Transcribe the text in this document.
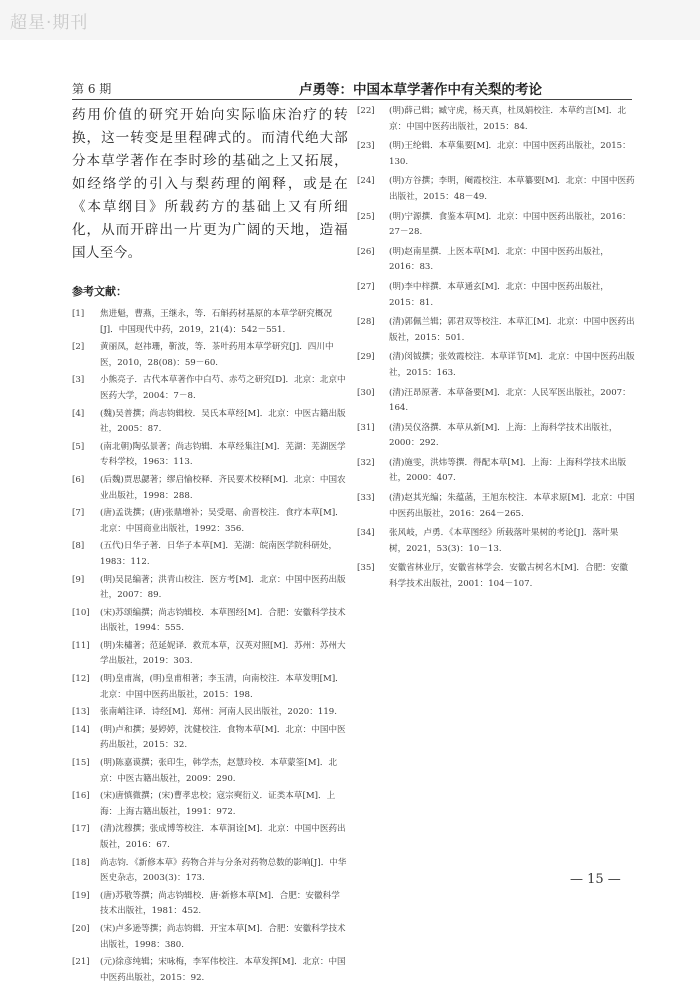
超星·期刊
第 6 期	卢勇等：中国本草学著作中有关梨的考论

药用价值的研究开始向实际临床治疗的转换，这一转变是里程碑式的。而清代绝大部分本草学著作在李时珍的基础之上又拓展，如经络学的引入与梨药理的阐释，或是在《本草纲目》所载药方的基础上又有所细化，从而开辟出一片更为广阔的天地，造福国人至今。

参考文献：
[1] 焦进魁，曹燕，王继永，等．石斛药材基原的本草学研究概况[J]．中国现代中药，2019，21(4)：542－551.
[2] 黄丽凤，赵祎珊，靳波，等．茶叶药用本草学研究[J]．四川中医，2010，28(08)：59－60.
[3] 小熊亮子．古代本草著作中白芍、赤芍之研究[D]．北京：北京中医药大学，2004：7－8.
[4] (魏)吴普撰；尚志钧辑校．吴氏本草经[M]．北京：中医古籍出版社，2005：87.
[5] (南北朝)陶弘景著；尚志钧辑．本草经集注[M]．芜湖：芜湖医学专科学校，1963：113.
[6] (后魏)贾思勰著；缪启愉校释．齐民要术校释[M]．北京：中国农业出版社，1998：288.
[7] (唐)孟诜撰；(唐)张鼎增补；吴受琚、俞晋校注．食疗本草[M]．北京：中国商业出版社，1992：356.
[8] (五代)日华子著．日华子本草[M]．芜湖：皖南医学院科研处，1983：112.
[9] (明)吴昆编著；洪青山校注．医方考[M]．北京：中国中医药出版社，2007：89.
[10] (宋)苏颂编撰；尚志钧辑校．本草图经[M]．合肥：安徽科学技术出版社，1994：555.
[11] (明)朱橚著；范延妮译．救荒本草，汉英对照[M]．苏州：苏州大学出版社，2019：303.
[12] (明)皇甫嵩，(明)皇甫相著；李玉清，向南校注．本草发明[M]．北京：中国中医药出版社，2015：198.
[13] 张南峭注译．诗经[M]．郑州：河南人民出版社，2020：119.
[14] (明)卢和撰；晏婷婷，沈健校注．食物本草[M]．北京：中国中医药出版社，2015：32.
[15] (明)陈嘉谟撰；张印生，韩学杰，赵慧玲校．本草蒙筌[M]．北京：中医古籍出版社，2009：290.
[16] (宋)唐慎微撰；(宋)曹孝忠校；寇宗奭衍义．证类本草[M]．上海：上海古籍出版社，1991：972.
[17] (清)沈穆撰；张成博等校注．本草洞诠[M]．北京：中国中医药出版社，2016：67.
[18] 尚志钧．《新修本草》药物合并与分条对药物总数的影响[J]．中华医史杂志，2003(3)：173.
[19] (唐)苏敬等撰；尚志钧辑校．唐·新修本草[M]．合肥：安徽科学技术出版社，1981：452.
[20] (宋)卢多逊等撰；尚志钧辑．开宝本草[M]．合肥：安徽科学技术出版社，1998：380.
[21] (元)徐彦纯辑；宋咏梅，李军伟校注．本草发挥[M]．北京：中国中医药出版社，2015：92.
[22] (明)薛己辑；臧守虎，杨天真，杜凤娟校注．本草约言[M]．北京：中国中医药出版社，2015：84.
[23] (明)王纶辑．本草集要[M]．北京：中国中医药出版社，2015：130.
[24] (明)方谷撰；李明，阉霞校注．本草纂要[M]．北京：中国中医药出版社，2015：48－49.
[25] (明)宁源撰．食鉴本草[M]．北京：中国中医药出版社，2016：27－28.
[26] (明)赵南星撰．上医本草[M]．北京：中国中医药出版社，2016：83.
[27] (明)李中梓撰．本草通玄[M]．北京：中国中医药出版社，2015：81.
[28] (清)郭佩兰辑；郭君双等校注．本草汇[M]．北京：中国中医药出版社，2015：501.
[29] (清)闵钺撰；张效霞校注．本草详节[M]．北京：中国中医药出版社，2015：163.
[30] (清)汪昂原著．本草备要[M]．北京：人民军医出版社，2007：164.
[31] (清)吴仪洛撰．本草从新[M]．上海：上海科学技术出版社，2000：292.
[32] (清)施雯，洪炜等撰．得配本草[M]．上海：上海科学技术出版社，2000：407.
[33] (清)赵其光编；朱蕴菡，王旭东校注．本草求原[M]．北京：中国中医药出版社，2016：264－265.
[34] 张风岐，卢勇．《本草图经》所载落叶果树的考论[J]．落叶果树，2021，53(3)：10－13.
[35] 安徽省林业厅，安徽省林学会．安徽古树名木[M]．合肥：安徽科学技术出版社，2001：104－107.
— 15 —
